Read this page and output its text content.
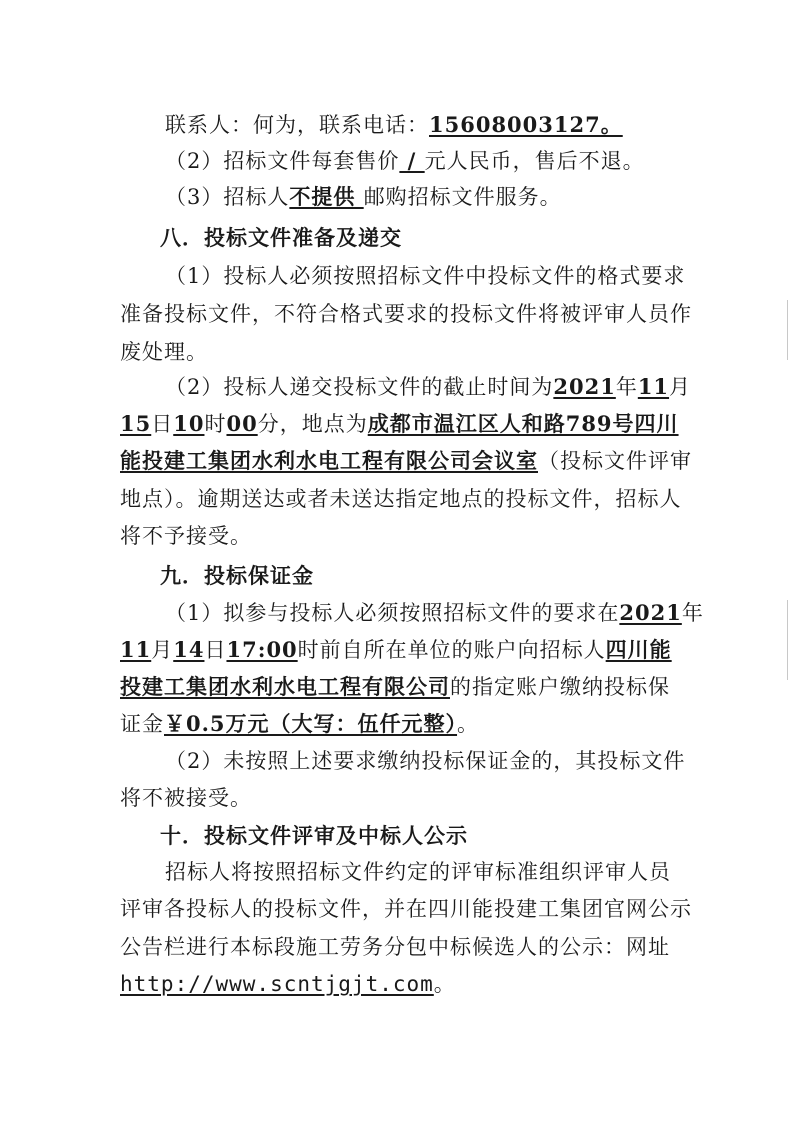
联系人：何为，联系电话：15608003127。
（2）招标文件每套售价 / 元人民币，售后不退。
（3）招标人不提供 邮购招标文件服务。
八．投标文件准备及递交
（1）投标人必须按照招标文件中投标文件的格式要求
准备投标文件，不符合格式要求的投标文件将被评审人员作
废处理。
（2）投标人递交投标文件的截止时间为2021年11月
15日10时00分，地点为成都市温江区人和路789号四川
能投建工集团水利水电工程有限公司会议室（投标文件评审
地点）。逾期送达或者未送达指定地点的投标文件，招标人
将不予接受。
九．投标保证金
（1）拟参与投标人必须按照招标文件的要求在2021年
11月14日17:00时前自所在单位的账户向招标人四川能
投建工集团水利水电工程有限公司的指定账户缴纳投标保
证金￥0.5万元（大写：伍仟元整）。
（2）未按照上述要求缴纳投标保证金的，其投标文件
将不被接受。
十．投标文件评审及中标人公示
招标人将按照招标文件约定的评审标准组织评审人员
评审各投标人的投标文件，并在四川能投建工集团官网公示
公告栏进行本标段施工劳务分包中标候选人的公示：网址
http://www.scntjgjt.com。
